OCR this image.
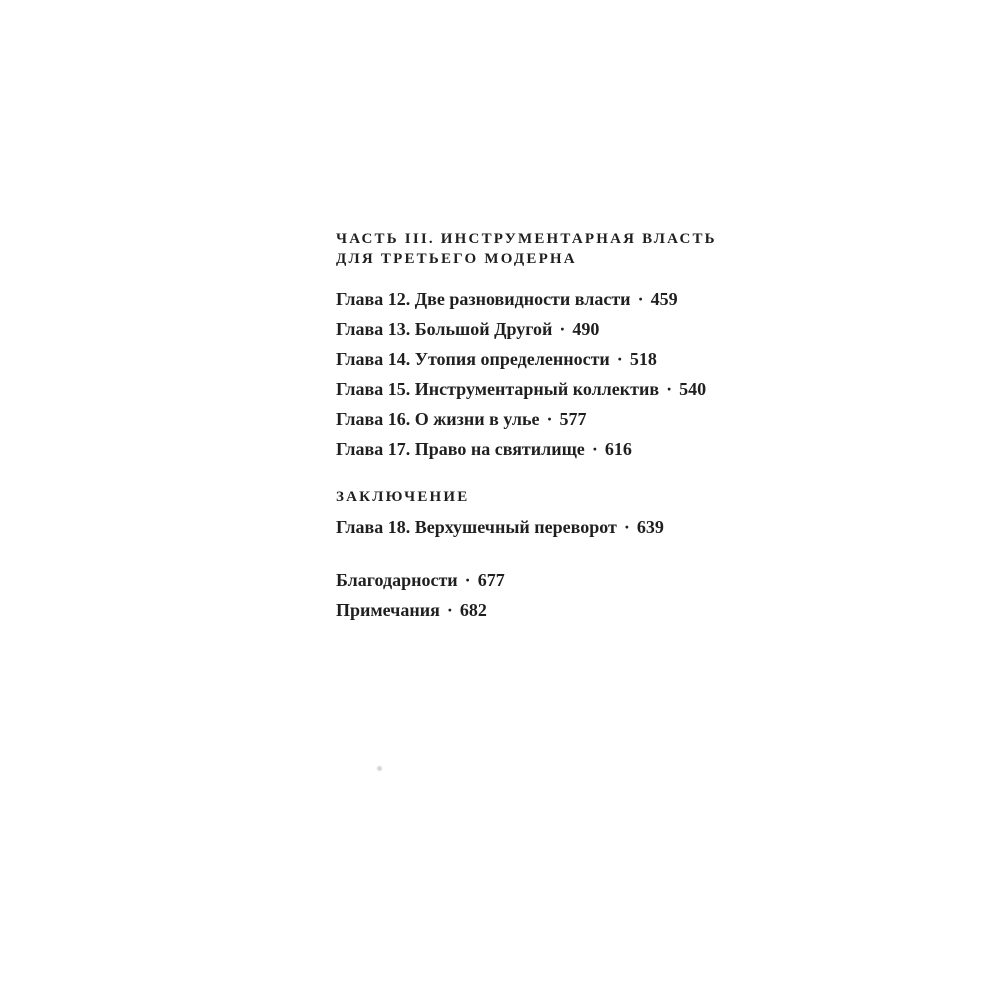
ЧАСТЬ III. ИНСТРУМЕНТАРНАЯ ВЛАСТЬ
ДЛЯ ТРЕТЬЕГО МОДЕРНА
Глава 12. Две разновидности власти · 459
Глава 13. Большой Другой · 490
Глава 14. Утопия определенности · 518
Глава 15. Инструментарный коллектив · 540
Глава 16. О жизни в улье · 577
Глава 17. Право на святилище · 616
ЗАКЛЮЧЕНИЕ
Глава 18. Верхушечный переворот · 639
Благодарности · 677
Примечания · 682
